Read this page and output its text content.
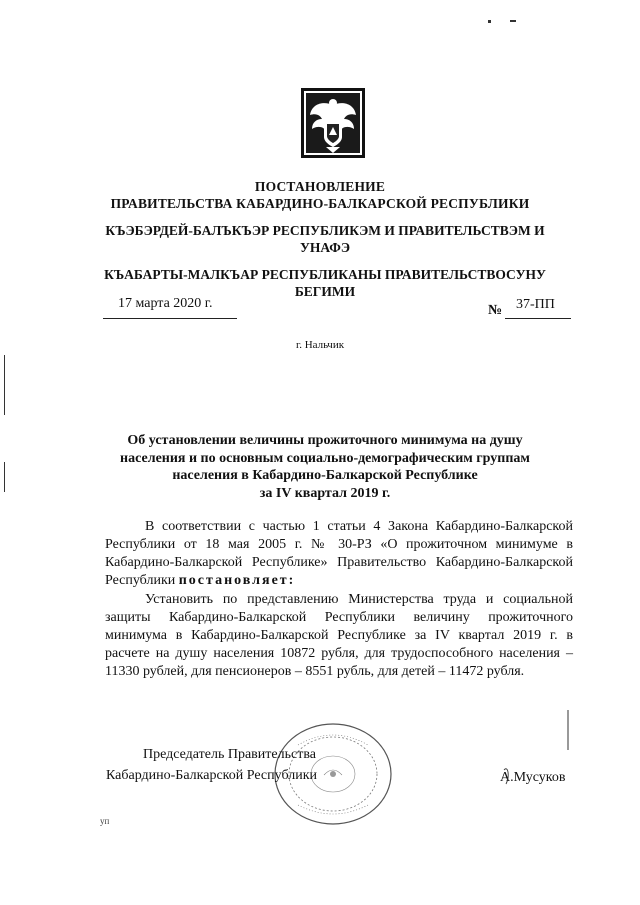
ПОСТАНОВЛЕНИЕ
ПРАВИТЕЛЬСТВА КАБАРДИНО-БАЛКАРСКОЙ РЕСПУБЛИКИ
КЪЭБЭРДЕЙ-БАЛЪКЪЭР РЕСПУБЛИКЭМ И ПРАВИТЕЛЬСТВЭМ И УНАФЭ
КЪАБАРТЫ-МАЛКЪАР РЕСПУБЛИКАНЫ ПРАВИТЕЛЬСТВОСУНУ БЕГИМИ
17 марта 2020 г.	№ 37-ПП
г. Нальчик
Об установлении величины прожиточного минимума на душу
населения и по основным социально-демографическим группам
населения в Кабардино-Балкарской Республике
за IV квартал 2019 г.

В соответствии с частью 1 статьи 4 Закона Кабардино-Балкарской Республики от 18 мая 2005 г. № 30-РЗ «О прожиточном минимуме в Кабардино-Балкарской Республике» Правительство Кабардино-Балкарской Республики постановляет:

Установить по представлению Министерства труда и социальной защиты Кабардино-Балкарской Республики величину прожиточного минимума в Кабардино-Балкарской Республике за IV квартал 2019 г. в расчете на душу населения 10872 рубля, для трудоспособного населения – 11330 рублей, для пенсионеров – 8551 рубль, для детей – 11472 рубля.

Председатель Правительства
Кабардино-Балкарской Республики	А.Мусуков
уп
